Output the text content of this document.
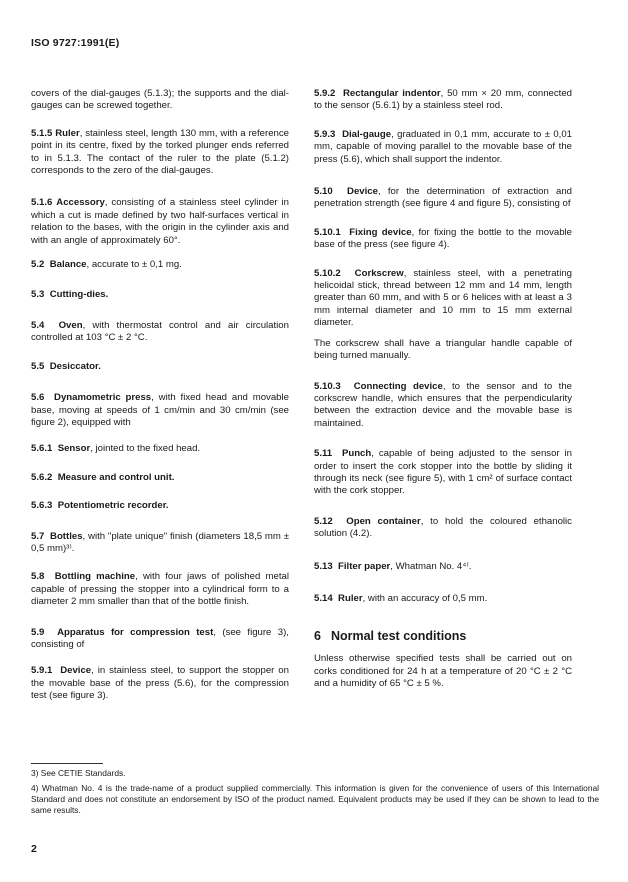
ISO 9727:1991(E)

covers of the dial-gauges (5.1.3); the supports and the dial-gauges can be screwed together.

5.1.5 Ruler, stainless steel, length 130 mm, with a reference point in its centre, fixed by the torked plunger ends referred to in 5.1.3. The contact of the ruler to the plate (5.1.2) corresponds to the zero of the dial-gauges.

5.1.6 Accessory, consisting of a stainless steel cylinder in which a cut is made defined by two half-surfaces vertical in relation to the bases, with the origin in the cylinder axis and with an angle of approximately 60°.

5.2 Balance, accurate to ± 0,1 mg.

5.3 Cutting-dies.

5.4 Oven, with thermostat control and air circulation controlled at 103 °C ± 2 °C.

5.5 Desiccator.

5.6 Dynamometric press, with fixed head and movable base, moving at speeds of 1 cm/min and 30 cm/min (see figure 2), equipped with

5.6.1 Sensor, jointed to the fixed head.

5.6.2 Measure and control unit.

5.6.3 Potentiometric recorder.

5.7 Bottles, with "plate unique" finish (diameters 18,5 mm ± 0,5 mm)³⁾.

5.8 Bottling machine, with four jaws of polished metal capable of pressing the stopper into a cylindrical form to a diameter 2 mm smaller than that of the bottle finish.

5.9 Apparatus for compression test, (see figure 3), consisting of

5.9.1 Device, in stainless steel, to support the stopper on the movable base of the press (5.6), for the compression test (see figure 3).

5.9.2 Rectangular indentor, 50 mm × 20 mm, connected to the sensor (5.6.1) by a stainless steel rod.

5.9.3 Dial-gauge, graduated in 0,1 mm, accurate to ± 0,01 mm, capable of moving parallel to the movable base of the press (5.6), which shall support the indentor.

5.10 Device, for the determination of extraction and penetration strength (see figure 4 and figure 5), consisting of

5.10.1 Fixing device, for fixing the bottle to the movable base of the press (see figure 4).

5.10.2 Corkscrew, stainless steel, with a penetrating helicoidal stick, thread between 12 mm and 14 mm, length greater than 60 mm, and with 5 or 6 helices with at least a 3 mm internal diameter and 10 mm to 15 mm external diameter.

The corkscrew shall have a triangular handle capable of being turned manually.

5.10.3 Connecting device, to the sensor and to the corkscrew handle, which ensures that the perpendicularity between the extraction device and the movable base is maintained.

5.11 Punch, capable of being adjusted to the sensor in order to insert the cork stopper into the bottle by sliding it through its neck (see figure 5), with 1 cm² of surface contact with the cork stopper.

5.12 Open container, to hold the coloured ethanolic solution (4.2).

5.13 Filter paper, Whatman No. 4⁴⁾.

5.14 Ruler, with an accuracy of 0,5 mm.

6 Normal test conditions

Unless otherwise specified tests shall be carried out on corks conditioned for 24 h at a temperature of 20 °C ± 2 °C and a humidity of 65 °C ± 5 %.

3) See CETIE Standards.
4) Whatman No. 4 is the trade-name of a product supplied commercially. This information is given for the convenience of users of this International Standard and does not constitute an endorsement by ISO of the product named. Equivalent products may be used if they can be shown to lead to the same results.
2
